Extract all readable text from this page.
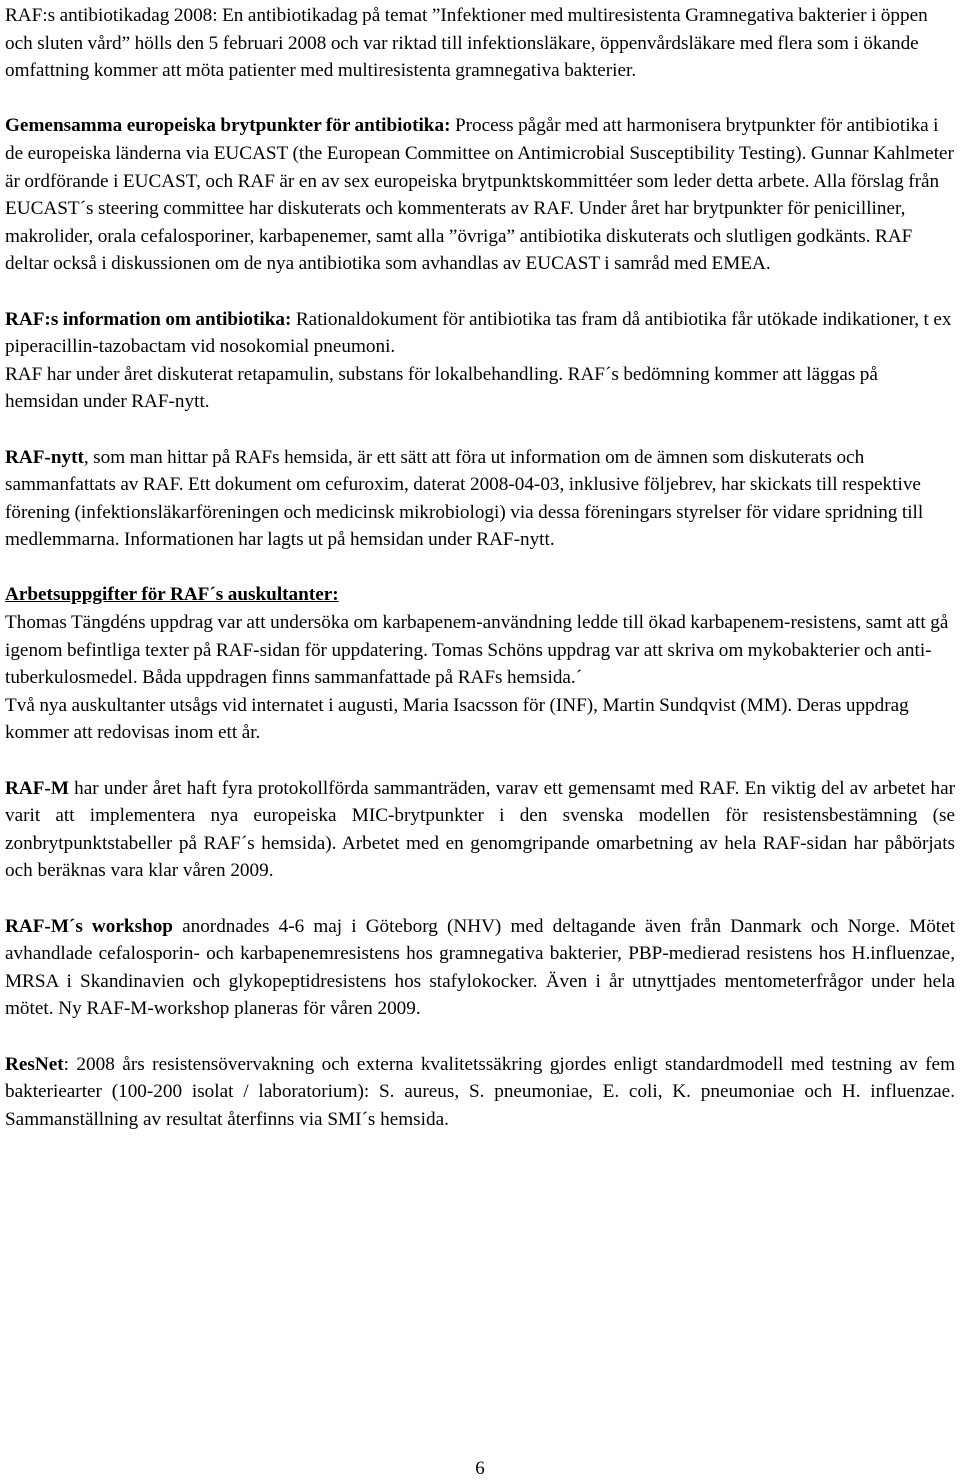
RAF:s antibiotikadag 2008: En antibiotikadag på temat ”Infektioner med multiresistenta Gramnegativa bakterier i öppen och sluten vård” hölls den 5 februari 2008 och var riktad till infektionsläkare, öppenvårdsläkare med flera som i ökande omfattning kommer att möta patienter med multiresistenta gramnegativa bakterier.

Gemensamma europeiska brytpunkter för antibiotika: Process pågår med att harmonisera brytpunkter för antibiotika i de europeiska länderna via EUCAST (the European Committee on Antimicrobial Susceptibility Testing). Gunnar Kahlmeter är ordförande i EUCAST, och RAF är en av sex europeiska brytpunktskommittéer som leder detta arbete. Alla förslag från EUCAST´s steering committee har diskuterats och kommenterats av RAF. Under året har brytpunkter för penicilliner, makrolider, orala cefalosporiner, karbapenemer, samt alla ”övriga” antibiotika diskuterats och slutligen godkänts. RAF deltar också i diskussionen om de nya antibiotika som avhandlas av EUCAST i samråd med EMEA.

RAF:s information om antibiotika: Rationaldokument för antibiotika tas fram då antibiotika får utökade indikationer, t ex piperacillin-tazobactam vid nosokomial pneumoni.

RAF har under året diskuterat retapamulin, substans för lokalbehandling. RAF´s bedömning kommer att läggas på hemsidan under RAF-nytt.

RAF-nytt, som man hittar på RAFs hemsida, är ett sätt att föra ut information om de ämnen som diskuterats och sammanfattats av RAF. Ett dokument om cefuroxim, daterat 2008-04-03, inklusive följebrev, har skickats till respektive förening (infektionsläkarföreningen och medicinsk mikrobiologi) via dessa föreningars styrelser för vidare spridning till medlemmarna. Informationen har lagts ut på hemsidan under RAF-nytt.

Arbetsuppgifter för RAF´s auskultanter:

Thomas Tängdéns uppdrag var att undersöka om karbapenem-användning ledde till ökad karbapenem-resistens, samt att gå igenom befintliga texter på RAF-sidan för uppdatering. Tomas Schöns uppdrag var att skriva om mykobakterier och anti-tuberkulosmedel. Båda uppdragen finns sammanfattade på RAFs hemsida.´

Två nya auskultanter utsågs vid internatet i augusti, Maria Isacsson för (INF), Martin Sundqvist (MM). Deras uppdrag kommer att redovisas inom ett år.

RAF-M har under året haft fyra protokollförda sammanträden, varav ett gemensamt med RAF. En viktig del av arbetet har varit att implementera nya europeiska MIC-brytpunkter i den svenska modellen för resistensbestämning (se zonbrytpunktstabeller på RAF´s hemsida). Arbetet med en genomgripande omarbetning av hela RAF-sidan har påbörjats och beräknas vara klar våren 2009.

RAF-M´s workshop anordnades 4-6 maj i Göteborg (NHV) med deltagande även från Danmark och Norge. Mötet avhandlade cefalosporin- och karbapenemresistens hos gramnegativa bakterier, PBP-medierad resistens hos H.influenzae, MRSA i Skandinavien och glykopeptidresistens hos stafylokocker. Även i år utnyttjades mentometerfrågor under hela mötet. Ny RAF-M-workshop planeras för våren 2009.

ResNet: 2008 års resistensövervakning och externa kvalitetssäkring gjordes enligt standardmodell med testning av fem bakteriearter (100-200 isolat / laboratorium): S. aureus, S. pneumoniae, E. coli, K. pneumoniae och H. influenzae. Sammanställning av resultat återfinns via SMI´s hemsida.

6
